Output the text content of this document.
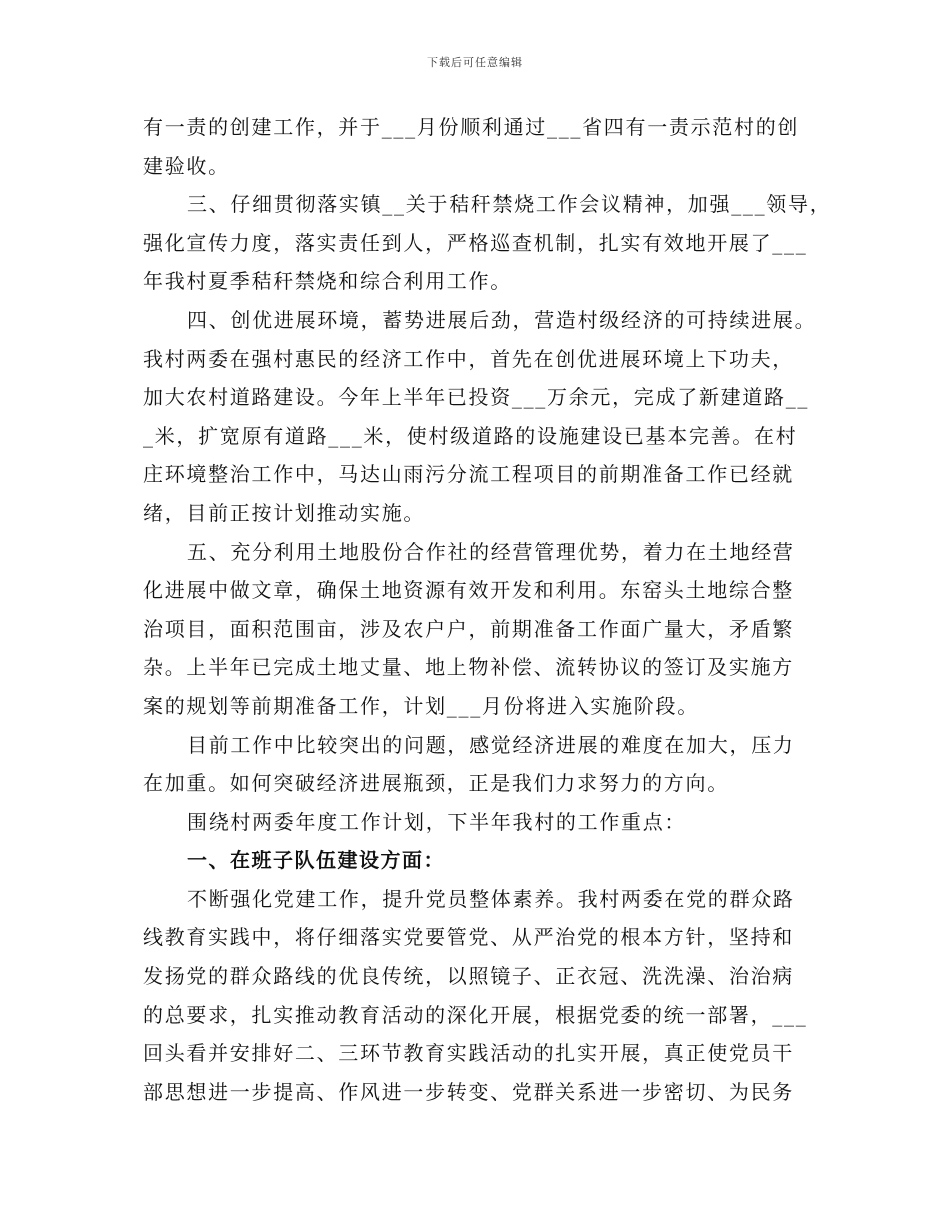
下载后可任意编辑
有一责的创建工作，并于___月份顺利通过___省四有一责示范村的创
建验收。
三、仔细贯彻落实镇__关于秸秆禁烧工作会议精神，加强___领导，
强化宣传力度，落实责任到人，严格巡查机制，扎实有效地开展了___
年我村夏季秸秆禁烧和综合利用工作。
四、创优进展环境，蓄势进展后劲，营造村级经济的可持续进展。
我村两委在强村惠民的经济工作中，首先在创优进展环境上下功夫，
加大农村道路建设。今年上半年已投资___万余元，完成了新建道路__
_米，扩宽原有道路___米，使村级道路的设施建设已基本完善。在村
庄环境整治工作中，马达山雨污分流工程项目的前期准备工作已经就
绪，目前正按计划推动实施。
五、充分利用土地股份合作社的经营管理优势，着力在土地经营
化进展中做文章，确保土地资源有效开发和利用。东窑头土地综合整
治项目，面积范围亩，涉及农户户，前期准备工作面广量大，矛盾繁
杂。上半年已完成土地丈量、地上物补偿、流转协议的签订及实施方
案的规划等前期准备工作，计划___月份将进入实施阶段。
目前工作中比较突出的问题，感觉经济进展的难度在加大，压力
在加重。如何突破经济进展瓶颈，正是我们力求努力的方向。
围绕村两委年度工作计划，下半年我村的工作重点：
一、在班子队伍建设方面：
不断强化党建工作，提升党员整体素养。我村两委在党的群众路
线教育实践中，将仔细落实党要管党、从严治党的根本方针，坚持和
发扬党的群众路线的优良传统，以照镜子、正衣冠、洗洗澡、治治病
的总要求，扎实推动教育活动的深化开展，根据党委的统一部署，___
回头看并安排好二、三环节教育实践活动的扎实开展，真正使党员干
部思想进一步提高、作风进一步转变、党群关系进一步密切、为民务
